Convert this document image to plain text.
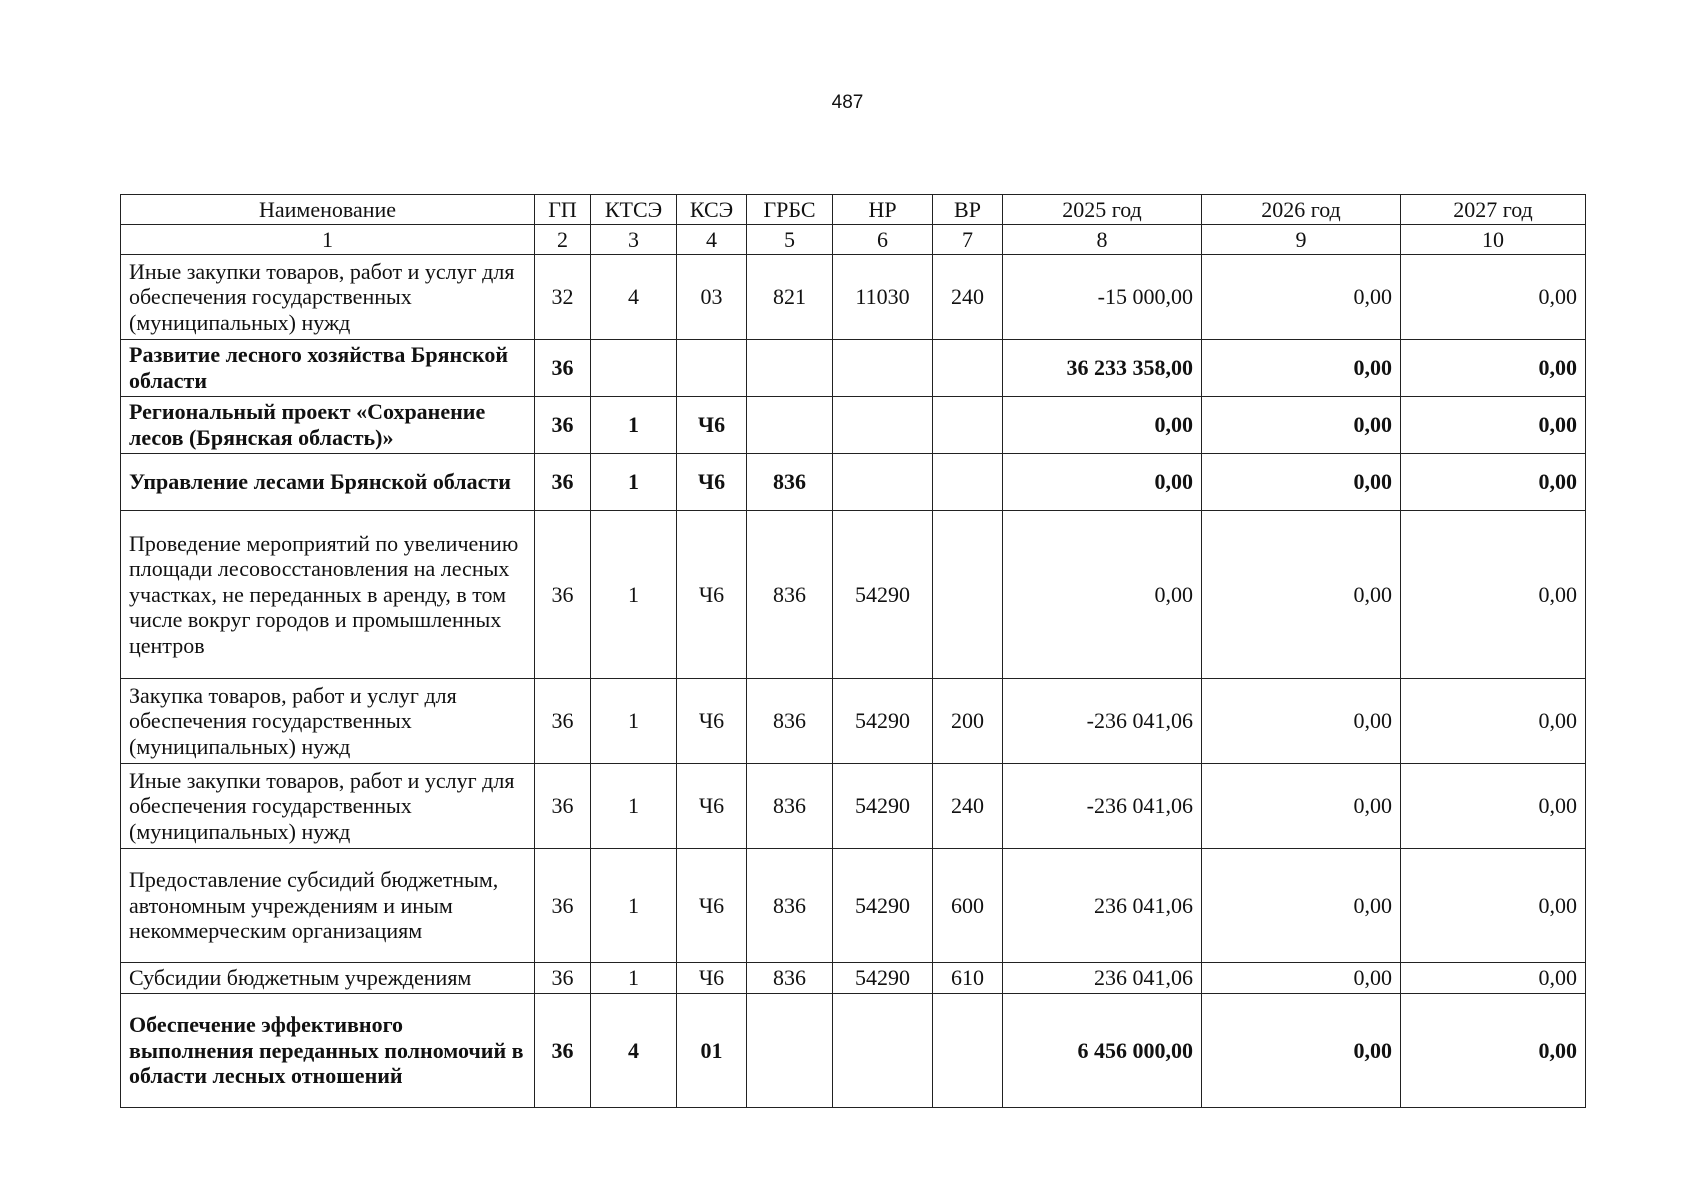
487
Наименование	ГП	КТСЭ	КСЭ	ГРБС	НР	ВР	2025 год	2026 год	2027 год
1	2	3	4	5	6	7	8	9	10
Иные закупки товаров, работ и услуг для обеспечения государственных (муниципальных) нужд	32	4	03	821	11030	240	-15 000,00	0,00	0,00
Развитие лесного хозяйства Брянской области	36						36 233 358,00	0,00	0,00
Региональный проект «Сохранение лесов (Брянская область)»	36	1	Ч6				0,00	0,00	0,00
Управление лесами Брянской области	36	1	Ч6	836			0,00	0,00	0,00
Проведение мероприятий по увеличению площади лесовосстановления на лесных участках, не переданных в аренду, в том числе вокруг городов и промышленных центров	36	1	Ч6	836	54290		0,00	0,00	0,00
Закупка товаров, работ и услуг для обеспечения государственных (муниципальных) нужд	36	1	Ч6	836	54290	200	-236 041,06	0,00	0,00
Иные закупки товаров, работ и услуг для обеспечения государственных (муниципальных) нужд	36	1	Ч6	836	54290	240	-236 041,06	0,00	0,00
Предоставление субсидий бюджетным, автономным учреждениям и иным некоммерческим организациям	36	1	Ч6	836	54290	600	236 041,06	0,00	0,00
Субсидии бюджетным учреждениям	36	1	Ч6	836	54290	610	236 041,06	0,00	0,00
Обеспечение эффективного выполнения переданных полномочий в области лесных отношений	36	4	01				6 456 000,00	0,00	0,00
